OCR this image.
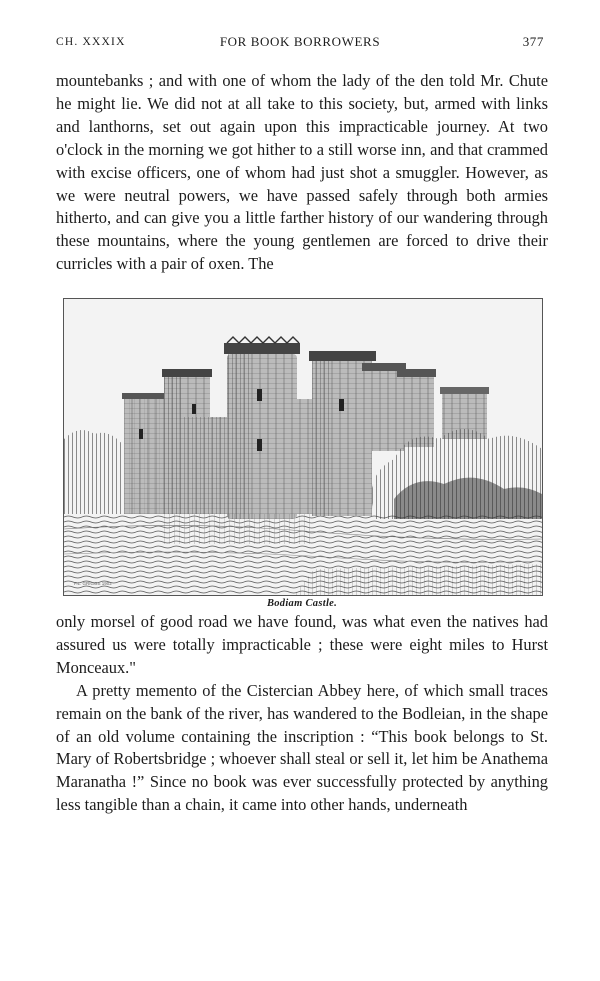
FOR BOOK BORROWERS
CH. XXXIX	377

mountebanks ; and with one of whom the lady of the den told Mr. Chute he might lie. We did not at all take to this society, but, armed with links and lanthorns, set out again upon this impracticable journey. At two o'clock in the morning we got hither to a still worse inn, and that crammed with excise officers, one of whom had just shot a smuggler. However, as we were neutral powers, we have passed safely through both armies hitherto, and can give you a little farther history of our wandering through these mountains, where the young gentlemen are forced to drive their curricles with a pair of oxen. The

F.L. GRIGGS 1902
Bodiam Castle.

only morsel of good road we have found, was what even the natives had assured us were totally impracticable ; these were eight miles to Hurst Monceaux."

A pretty memento of the Cistercian Abbey here, of which small traces remain on the bank of the river, has wandered to the Bodleian, in the shape of an old volume containing the inscription : “This book belongs to St. Mary of Robertsbridge ; whoever shall steal or sell it, let him be Anathema Maranatha !” Since no book was ever successfully protected by anything less tangible than a chain, it came into other hands, underneath
